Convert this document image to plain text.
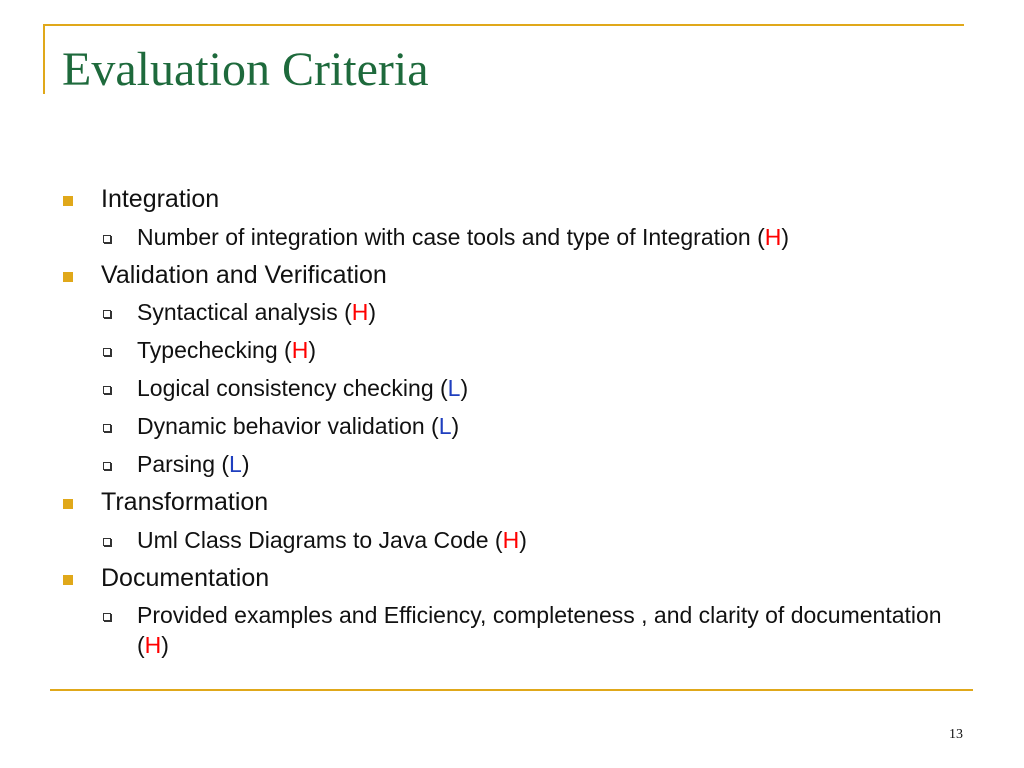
Evaluation Criteria
Integration
Number of integration with case tools and type of Integration (H)
Validation and Verification
Syntactical analysis (H)
Typechecking (H)
Logical consistency checking (L)
Dynamic behavior validation (L)
Parsing (L)
Transformation
Uml Class Diagrams to Java Code (H)
Documentation
Provided examples and Efficiency, completeness , and clarity of documentation (H)
13
